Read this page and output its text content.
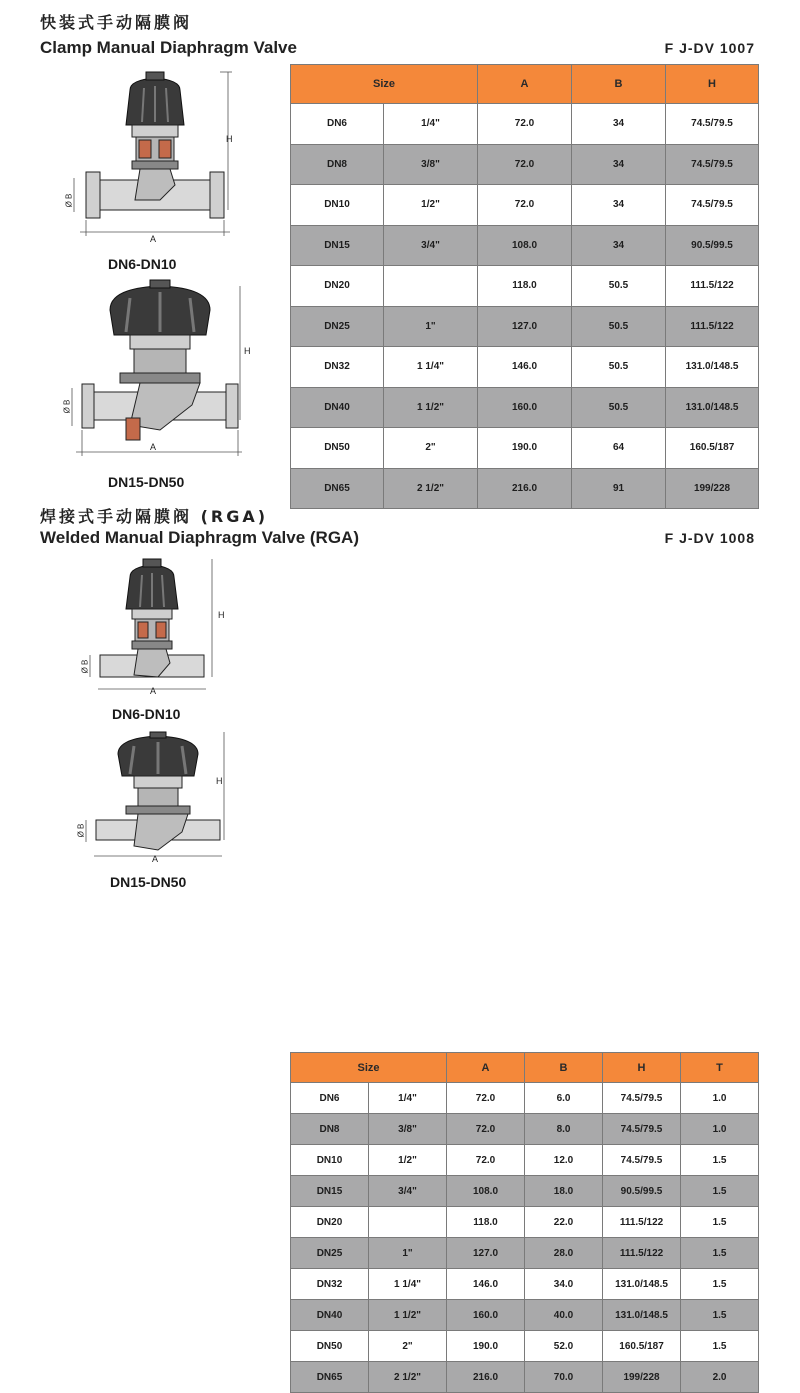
快装式手动隔膜阀
Clamp Manual Diaphragm Valve	F J-DV 1007
H
A
Ø B
DN6-DN10
H
A
Ø B
DN15-DN50
Size		A	B	H
DN6	1/4"	72.0	34	74.5/79.5
DN8	3/8"	72.0	34	74.5/79.5
DN10	1/2"	72.0	34	74.5/79.5
DN15	3/4"	108.0	34	90.5/99.5
DN20		118.0	50.5	111.5/122
DN25	1"	127.0	50.5	111.5/122
DN32	1 1/4"	146.0	50.5	131.0/148.5
DN40	1 1/2"	160.0	50.5	131.0/148.5
DN50	2"	190.0	64	160.5/187
DN65	2 1/2"	216.0	91	199/228
焊接式手动隔膜阀 (RGA)
Welded Manual Diaphragm Valve (RGA)	F J-DV 1008
H
A
Ø B
DN6-DN10
H
A
Ø B
DN15-DN50
Size		A	B	H	T
DN6	1/4"	72.0	6.0	74.5/79.5	1.0
DN8	3/8"	72.0	8.0	74.5/79.5	1.0
DN10	1/2"	72.0	12.0	74.5/79.5	1.5
DN15	3/4"	108.0	18.0	90.5/99.5	1.5
DN20		118.0	22.0	111.5/122	1.5
DN25	1"	127.0	28.0	111.5/122	1.5
DN32	1 1/4"	146.0	34.0	131.0/148.5	1.5
DN40	1 1/2"	160.0	40.0	131.0/148.5	1.5
DN50	2"	190.0	52.0	160.5/187	1.5
DN65	2 1/2"	216.0	70.0	199/228	2.0
